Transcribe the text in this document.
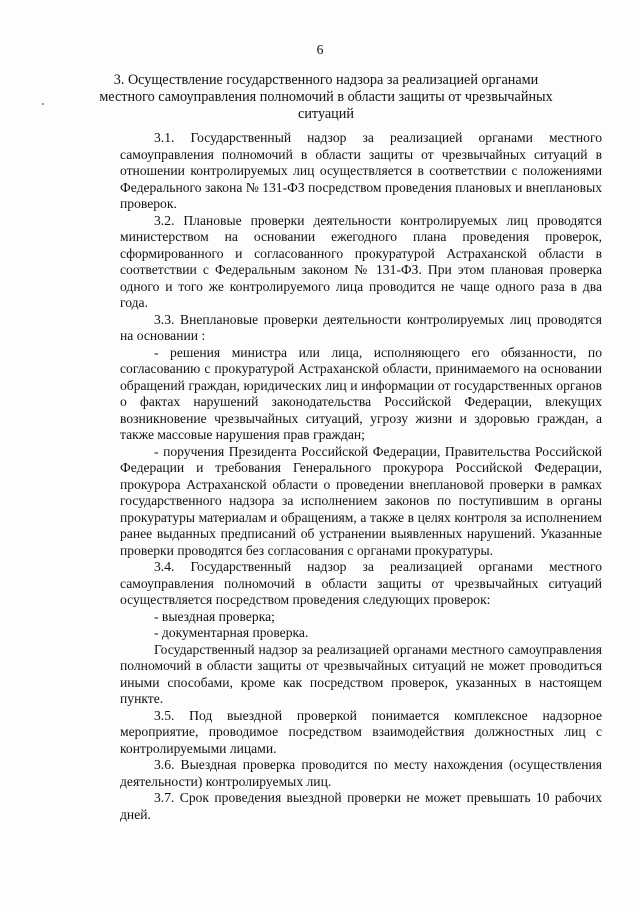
6
3. Осуществление государственного надзора за реализацией органами местного самоуправления полномочий в области защиты от чрезвычайных ситуаций

3.1. Государственный надзор за реализацией органами местного самоуправления полномочий в области защиты от чрезвычайных ситуаций в отношении контролируемых лиц осуществляется в соответствии с положениями Федерального закона № 131-ФЗ посредством проведения плановых и внеплановых проверок.

3.2. Плановые проверки деятельности контролируемых лиц проводятся министерством на основании ежегодного плана проведения проверок, сформированного и согласованного прокуратурой Астраханской области в соответствии с Федеральным законом № 131-ФЗ. При этом плановая проверка одного и того же контролируемого лица проводится не чаще одного раза в два года.

3.3. Внеплановые проверки деятельности контролируемых лиц проводятся на основании :

- решения министра или лица, исполняющего его обязанности, по согласованию с прокуратурой Астраханской области, принимаемого на основании обращений граждан, юридических лиц и информации от государственных органов о фактах нарушений законодательства Российской Федерации, влекущих возникновение чрезвычайных ситуаций, угрозу жизни и здоровью граждан, а также массовые нарушения прав граждан;

- поручения Президента Российской Федерации, Правительства Российской Федерации и требования Генерального прокурора Российской Федерации, прокурора Астраханской области о проведении внеплановой проверки в рамках государственного надзора за исполнением законов по поступившим в органы прокуратуры материалам и обращениям, а также в целях контроля за исполнением ранее выданных предписаний об устранении выявленных нарушений. Указанные проверки проводятся без согласования с органами прокуратуры.

3.4. Государственный надзор за реализацией органами местного самоуправления полномочий в области защиты от чрезвычайных ситуаций осуществляется посредством проведения следующих проверок:

- выездная проверка;

- документарная проверка.

Государственный надзор за реализацией органами местного самоуправления полномочий в области защиты от чрезвычайных ситуаций не может проводиться иными способами, кроме как посредством проверок, указанных в настоящем пункте.

3.5. Под выездной проверкой понимается комплексное надзорное мероприятие, проводимое посредством взаимодействия должностных лиц с контролируемыми лицами.

3.6. Выездная проверка проводится по месту нахождения (осуществления деятельности) контролируемых лиц.

3.7. Срок проведения выездной проверки не может превышать 10 рабочих дней.
